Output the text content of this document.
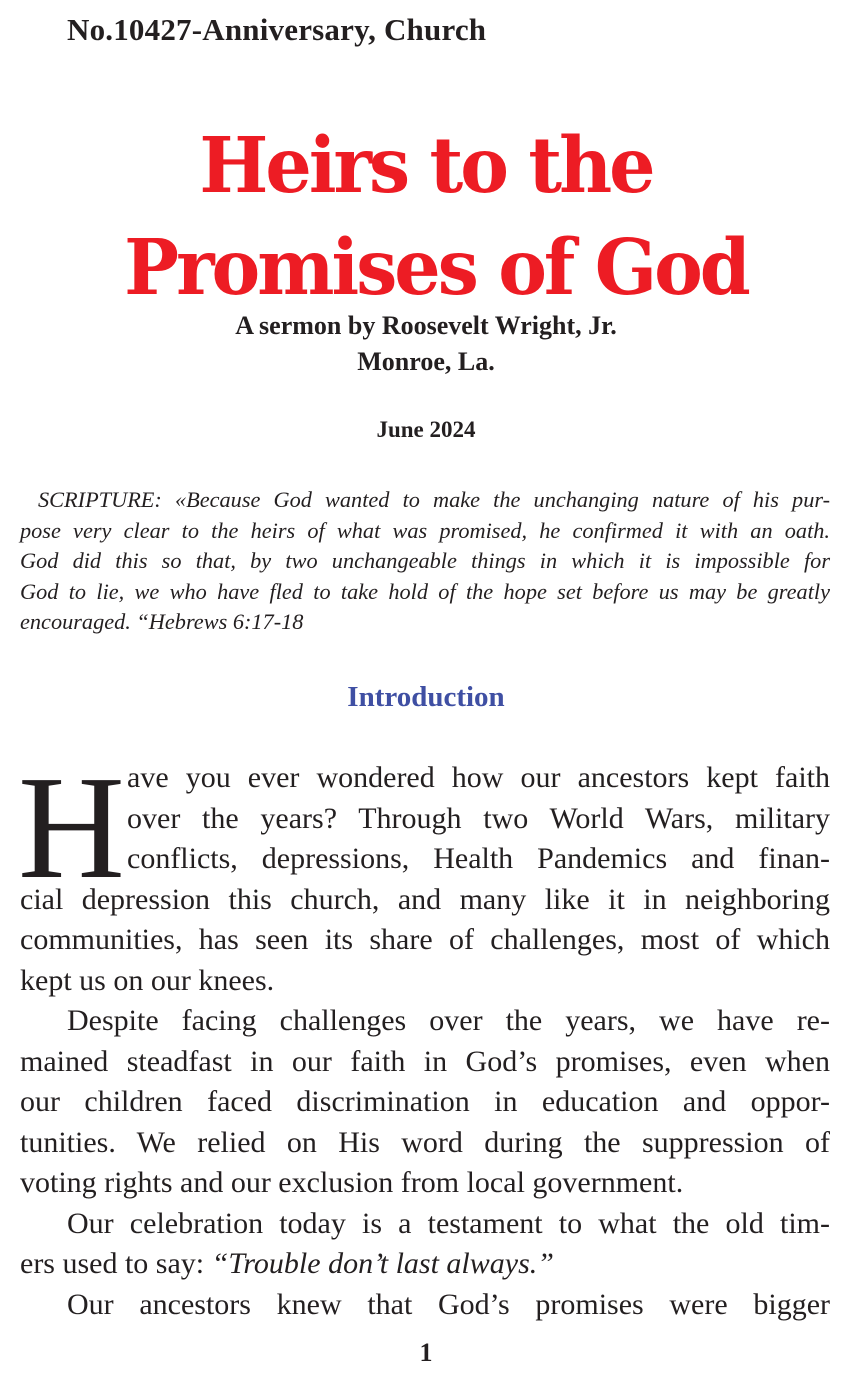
No.10427-Anniversary, Church
Heirs to the
Promises of God
A sermon by Roosevelt Wright, Jr.
Monroe, La.
June 2024
SCRIPTURE: «Because God wanted to make the unchanging nature of his pur-
pose very clear to the heirs of what was promised, he confirmed it with an oath.
God did this so that, by two unchangeable things in which it is impossible for
God to lie, we who have fled to take hold of the hope set before us may be greatly
encouraged. “Hebrews 6:17-18
Introduction
H ave you ever wondered how our ancestors kept faith
over the years? Through two World Wars, military
conflicts, depressions, Health Pandemics and finan-
cial depression this church, and many like it in neighboring
communities, has seen its share of challenges, most of which
kept us on our knees.
Despite facing challenges over the years, we have re-
mained steadfast in our faith in God’s promises, even when
our children faced discrimination in education and oppor-
tunities. We relied on His word during the suppression of
voting rights and our exclusion from local government.
Our celebration today is a testament to what the old tim-
ers used to say: “Trouble don’t last always.”
Our ancestors knew that God’s promises were bigger
1
